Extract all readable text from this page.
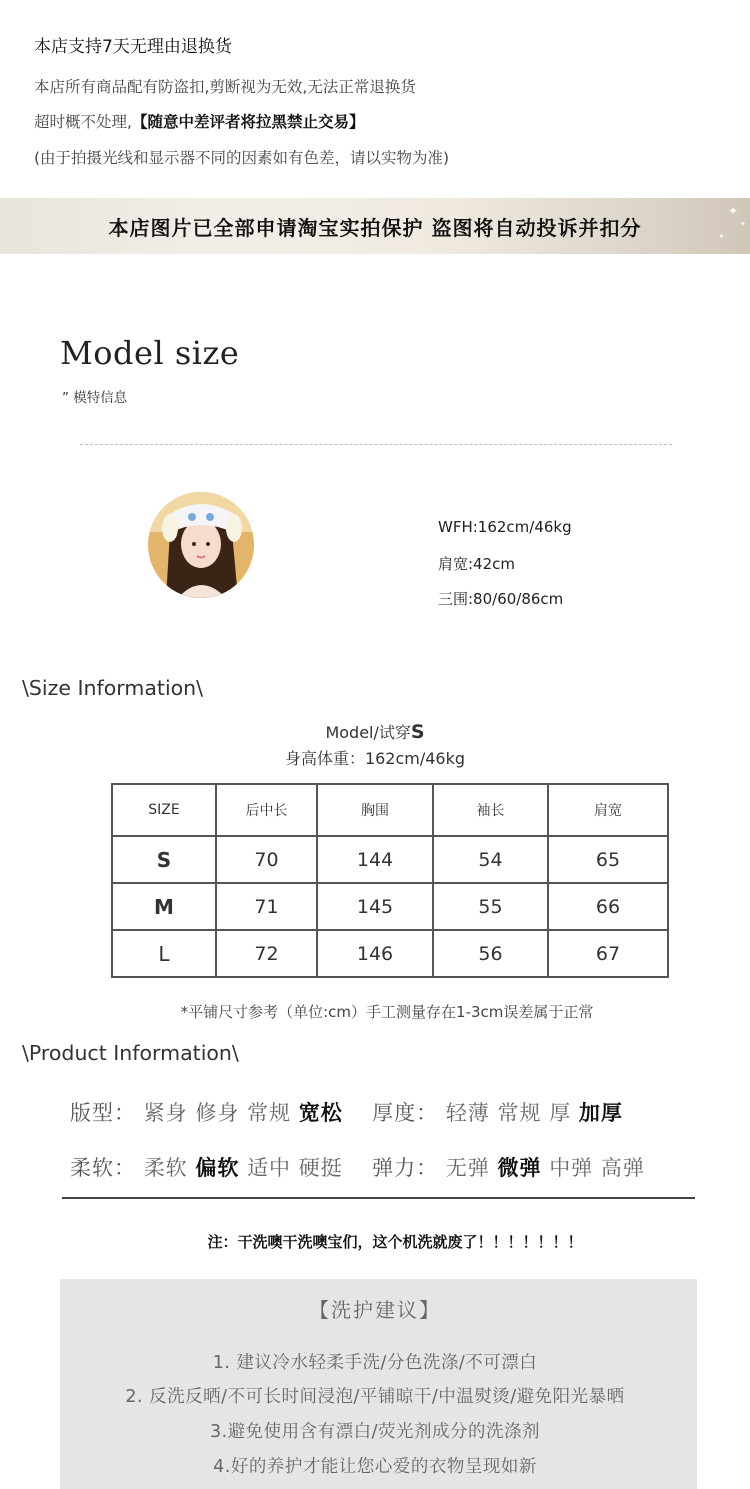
本店支持7天无理由退换货
本店所有商品配有防盗扣,剪断视为无效,无法正常退换货
超时概不处理,【随意中差评者将拉黑禁止交易】
(由于拍摄光线和显示器不同的因素如有色差，请以实物为准)
✦
✦
✦
本店图片已全部申请淘宝实拍保护 盗图将自动投诉并扣分
Model size
” 模特信息
WFH:162cm/46kg
肩宽:42cm
三围:80/60/86cm
\Size Information\
Model/试穿S
身高体重：162cm/46kg
SIZE	后中长	胸围	袖长	肩宽
S	70	144	54	65
M	71	145	55	66
L	72	146	56	67
*平铺尺寸参考（单位:cm）手工测量存在1-3cm误差属于正常
\Product Information\
版型： 紧身 修身 常规 宽松 厚度： 轻薄 常规 厚 加厚
柔软： 柔软 偏软 适中 硬挺 弹力： 无弹 微弹 中弹 高弹
注：干洗噢干洗噢宝们，这个机洗就废了！！！！！！！
【洗护建议】
1. 建议冷水轻柔手洗/分色洗涤/不可漂白
2. 反洗反晒/不可长时间浸泡/平铺晾干/中温熨烫/避免阳光暴晒
3.避免使用含有漂白/荧光剂成分的洗涤剂
4.好的养护才能让您心爱的衣物呈现如新
